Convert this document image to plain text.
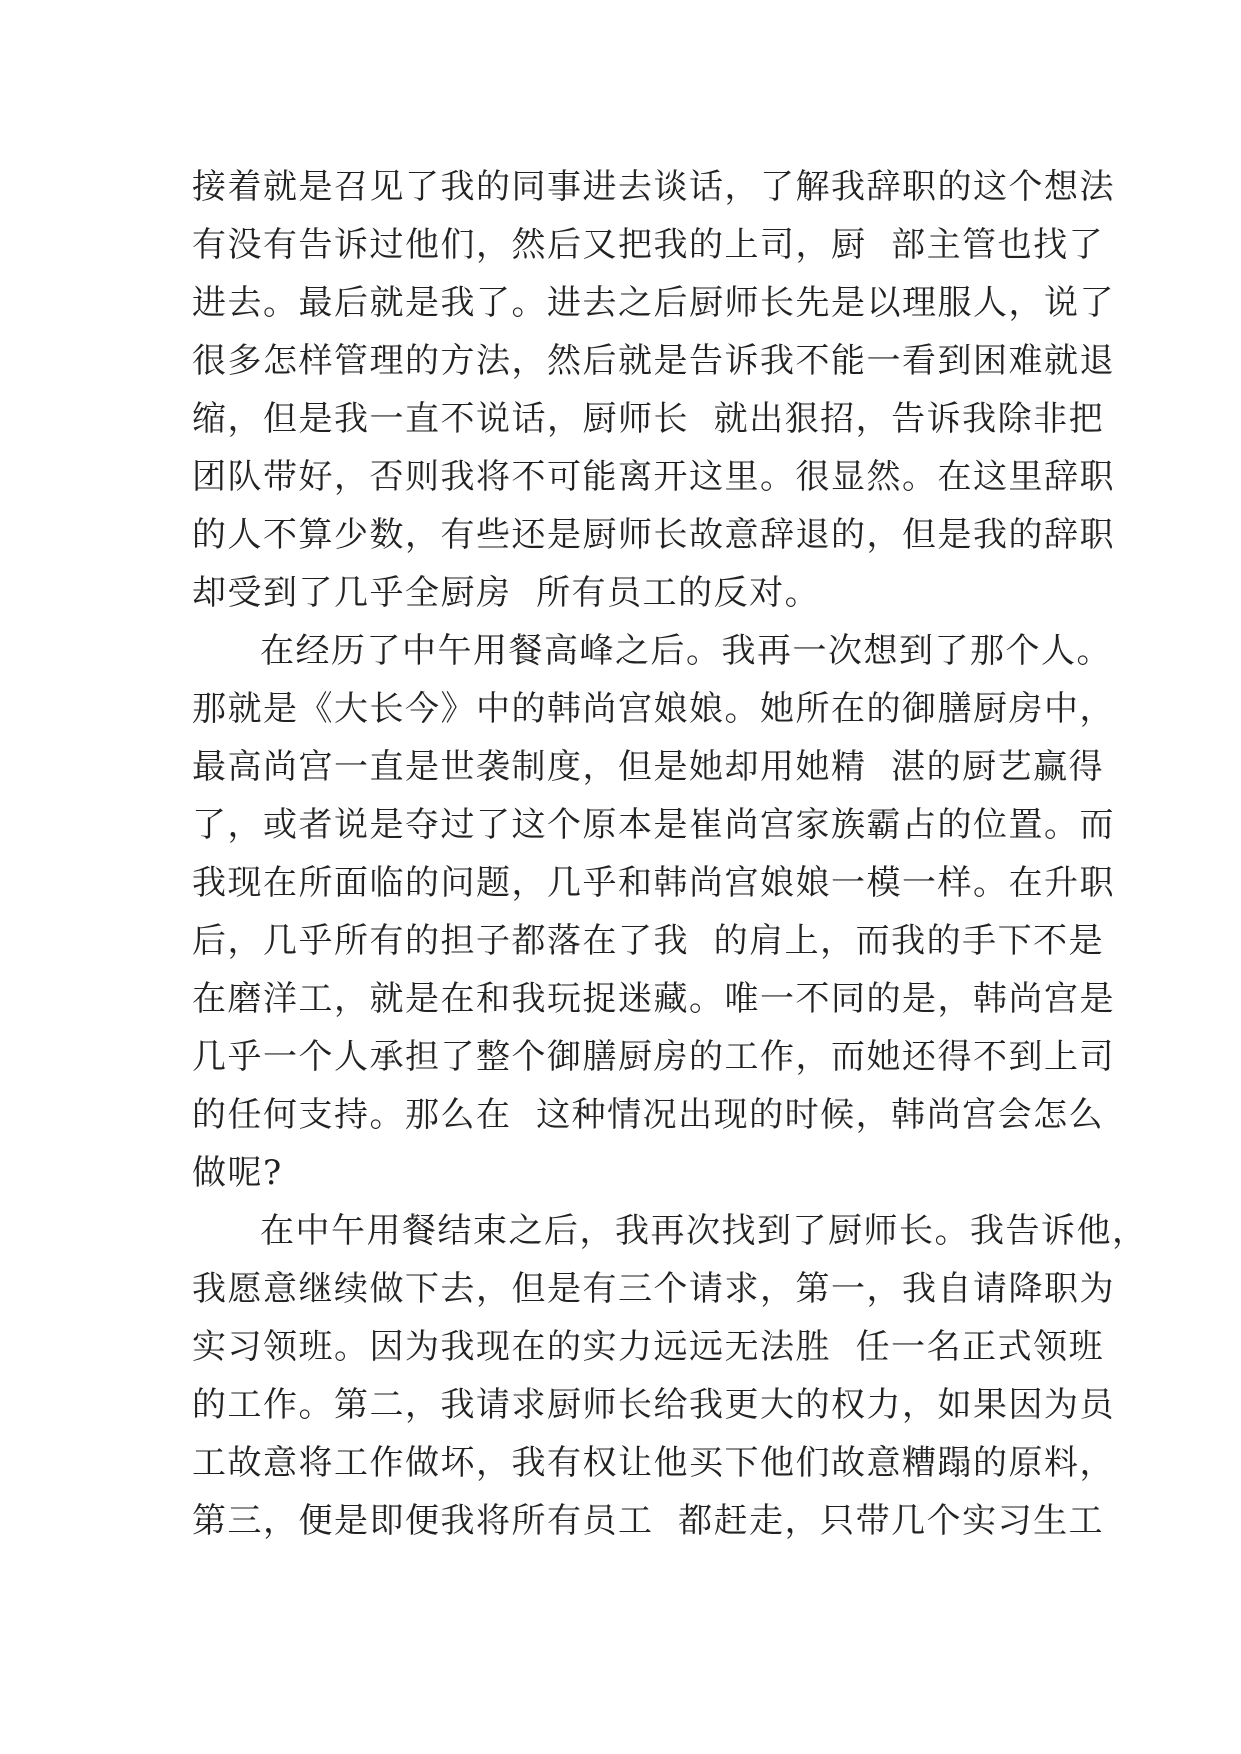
接着就是召见了我的同事进去谈话，了解我辞职的这个想法
有没有告诉过他们，然后又把我的上司，厨  部主管也找了
进去。最后就是我了。进去之后厨师长先是以理服人，说了
很多怎样管理的方法，然后就是告诉我不能一看到困难就退
缩，但是我一直不说话，厨师长  就出狠招，告诉我除非把
团队带好，否则我将不可能离开这里。很显然。在这里辞职
的人不算少数，有些还是厨师长故意辞退的，但是我的辞职
却受到了几乎全厨房  所有员工的反对。
在经历了中午用餐高峰之后。我再一次想到了那个人。
那就是《大长今》中的韩尚宫娘娘。她所在的御膳厨房中，
最高尚宫一直是世袭制度，但是她却用她精  湛的厨艺赢得
了，或者说是夺过了这个原本是崔尚宫家族霸占的位置。而
我现在所面临的问题，几乎和韩尚宫娘娘一模一样。在升职
后，几乎所有的担子都落在了我  的肩上，而我的手下不是
在磨洋工，就是在和我玩捉迷藏。唯一不同的是，韩尚宫是
几乎一个人承担了整个御膳厨房的工作，而她还得不到上司
的任何支持。那么在  这种情况出现的时候，韩尚宫会怎么
做呢?
在中午用餐结束之后，我再次找到了厨师长。我告诉他，
我愿意继续做下去，但是有三个请求，第一，我自请降职为
实习领班。因为我现在的实力远远无法胜  任一名正式领班
的工作。第二，我请求厨师长给我更大的权力，如果因为员
工故意将工作做坏，我有权让他买下他们故意糟蹋的原料，
第三，便是即便我将所有员工  都赶走，只带几个实习生工
